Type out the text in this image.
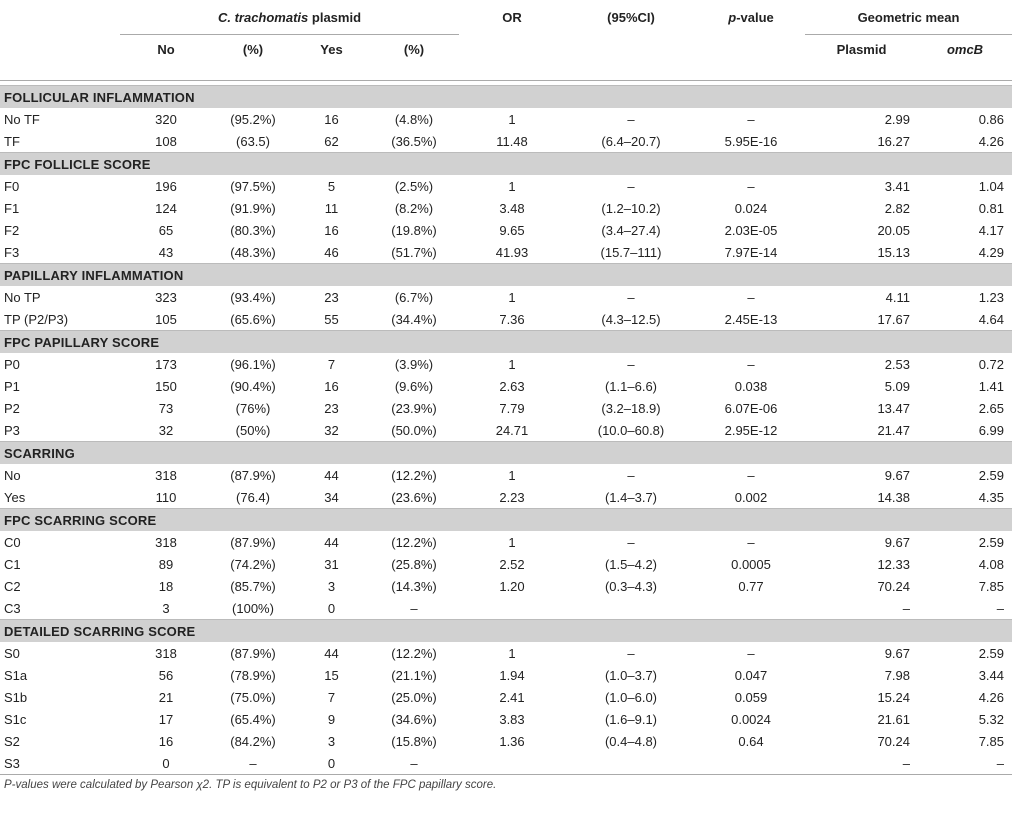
	C. trachomatis plasmid				OR	(95%CI)	p-value	Geometric mean	
	No	(%)	Yes	(%)				Plasmid	omcB

FOLLICULAR INFLAMMATION									
No TF	320	(95.2%)	16	(4.8%)	1	–	–	2.99	0.86
TF	108	(63.5)	62	(36.5%)	11.48	(6.4–20.7)	5.95E-16	16.27	4.26
FPC FOLLICLE SCORE									
F0	196	(97.5%)	5	(2.5%)	1	–	–	3.41	1.04
F1	124	(91.9%)	11	(8.2%)	3.48	(1.2–10.2)	0.024	2.82	0.81
F2	65	(80.3%)	16	(19.8%)	9.65	(3.4–27.4)	2.03E-05	20.05	4.17
F3	43	(48.3%)	46	(51.7%)	41.93	(15.7–111)	7.97E-14	15.13	4.29
PAPILLARY INFLAMMATION									
No TP	323	(93.4%)	23	(6.7%)	1	–	–	4.11	1.23
TP (P2/P3)	105	(65.6%)	55	(34.4%)	7.36	(4.3–12.5)	2.45E-13	17.67	4.64
FPC PAPILLARY SCORE									
P0	173	(96.1%)	7	(3.9%)	1	–	–	2.53	0.72
P1	150	(90.4%)	16	(9.6%)	2.63	(1.1–6.6)	0.038	5.09	1.41
P2	73	(76%)	23	(23.9%)	7.79	(3.2–18.9)	6.07E-06	13.47	2.65
P3	32	(50%)	32	(50.0%)	24.71	(10.0–60.8)	2.95E-12	21.47	6.99
SCARRING									
No	318	(87.9%)	44	(12.2%)	1	–	–	9.67	2.59
Yes	110	(76.4)	34	(23.6%)	2.23	(1.4–3.7)	0.002	14.38	4.35
FPC SCARRING SCORE									
C0	318	(87.9%)	44	(12.2%)	1	–	–	9.67	2.59
C1	89	(74.2%)	31	(25.8%)	2.52	(1.5–4.2)	0.0005	12.33	4.08
C2	18	(85.7%)	3	(14.3%)	1.20	(0.3–4.3)	0.77	70.24	7.85
C3	3	(100%)	0	–				–	–
DETAILED SCARRING SCORE									
S0	318	(87.9%)	44	(12.2%)	1	–	–	9.67	2.59
S1a	56	(78.9%)	15	(21.1%)	1.94	(1.0–3.7)	0.047	7.98	3.44
S1b	21	(75.0%)	7	(25.0%)	2.41	(1.0–6.0)	0.059	15.24	4.26
S1c	17	(65.4%)	9	(34.6%)	3.83	(1.6–9.1)	0.0024	21.61	5.32
S2	16	(84.2%)	3	(15.8%)	1.36	(0.4–4.8)	0.64	70.24	7.85
S3	0	–	0	–				–	–
P-values were calculated by Pearson χ2. TP is equivalent to P2 or P3 of the FPC papillary score.
